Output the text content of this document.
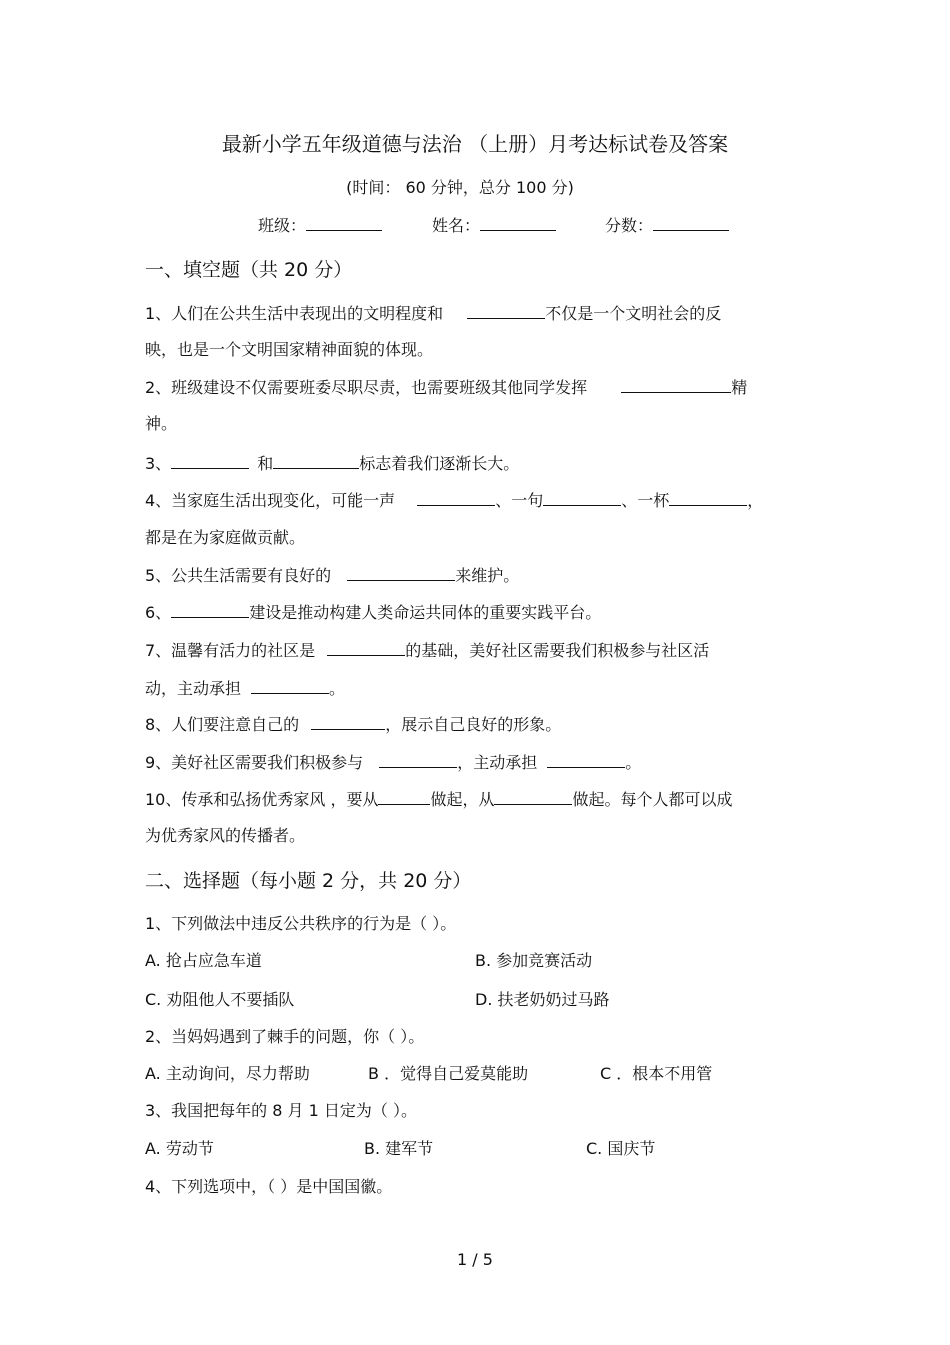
最新小学五年级道德与法治 （上册）月考达标试卷及答案
(时间： 60 分钟，总分 100 分)
班级：	姓名：	分数：
一、填空题（共 20 分）
1、人们在公共生活中表现出的文明程度和	不仅是一个文明社会的反
映，也是一个文明国家精神面貌的体现。
2、班级建设不仅需要班委尽职尽责，也需要班级其他同学发挥	精
神。
3、	和	标志着我们逐渐长大。
4、当家庭生活出现变化，可能一声	、一句	、一杯	，
都是在为家庭做贡献。
5、公共生活需要有良好的	来维护。
6、	建设是推动构建人类命运共同体的重要实践平台。
7、温馨有活力的社区是	的基础，美好社区需要我们积极参与社区活
动，主动承担	。
8、人们要注意自己的	，展示自己良好的形象。
9、美好社区需要我们积极参与	，主动承担	。
10、传承和弘扬优秀家风 ，要从	做起，从	做起。每个人都可以成
为优秀家风的传播者。
二、选择题（每小题 2 分，共 20 分）
1、下列做法中违反公共秩序的行为是（ ）。
A. 抢占应急车道	B. 参加竞赛活动
C. 劝阻他人不要插队	D. 扶老奶奶过马路
2、当妈妈遇到了棘手的问题，你（ ）。
A. 主动询问，尽力帮助	B ．觉得自己爱莫能助	C ．根本不用管
3、我国把每年的 8 月 1 日定为（ ）。
A. 劳动节	B. 建军节	C. 国庆节
4、下列选项中，（ ）是中国国徽。
1 / 5
